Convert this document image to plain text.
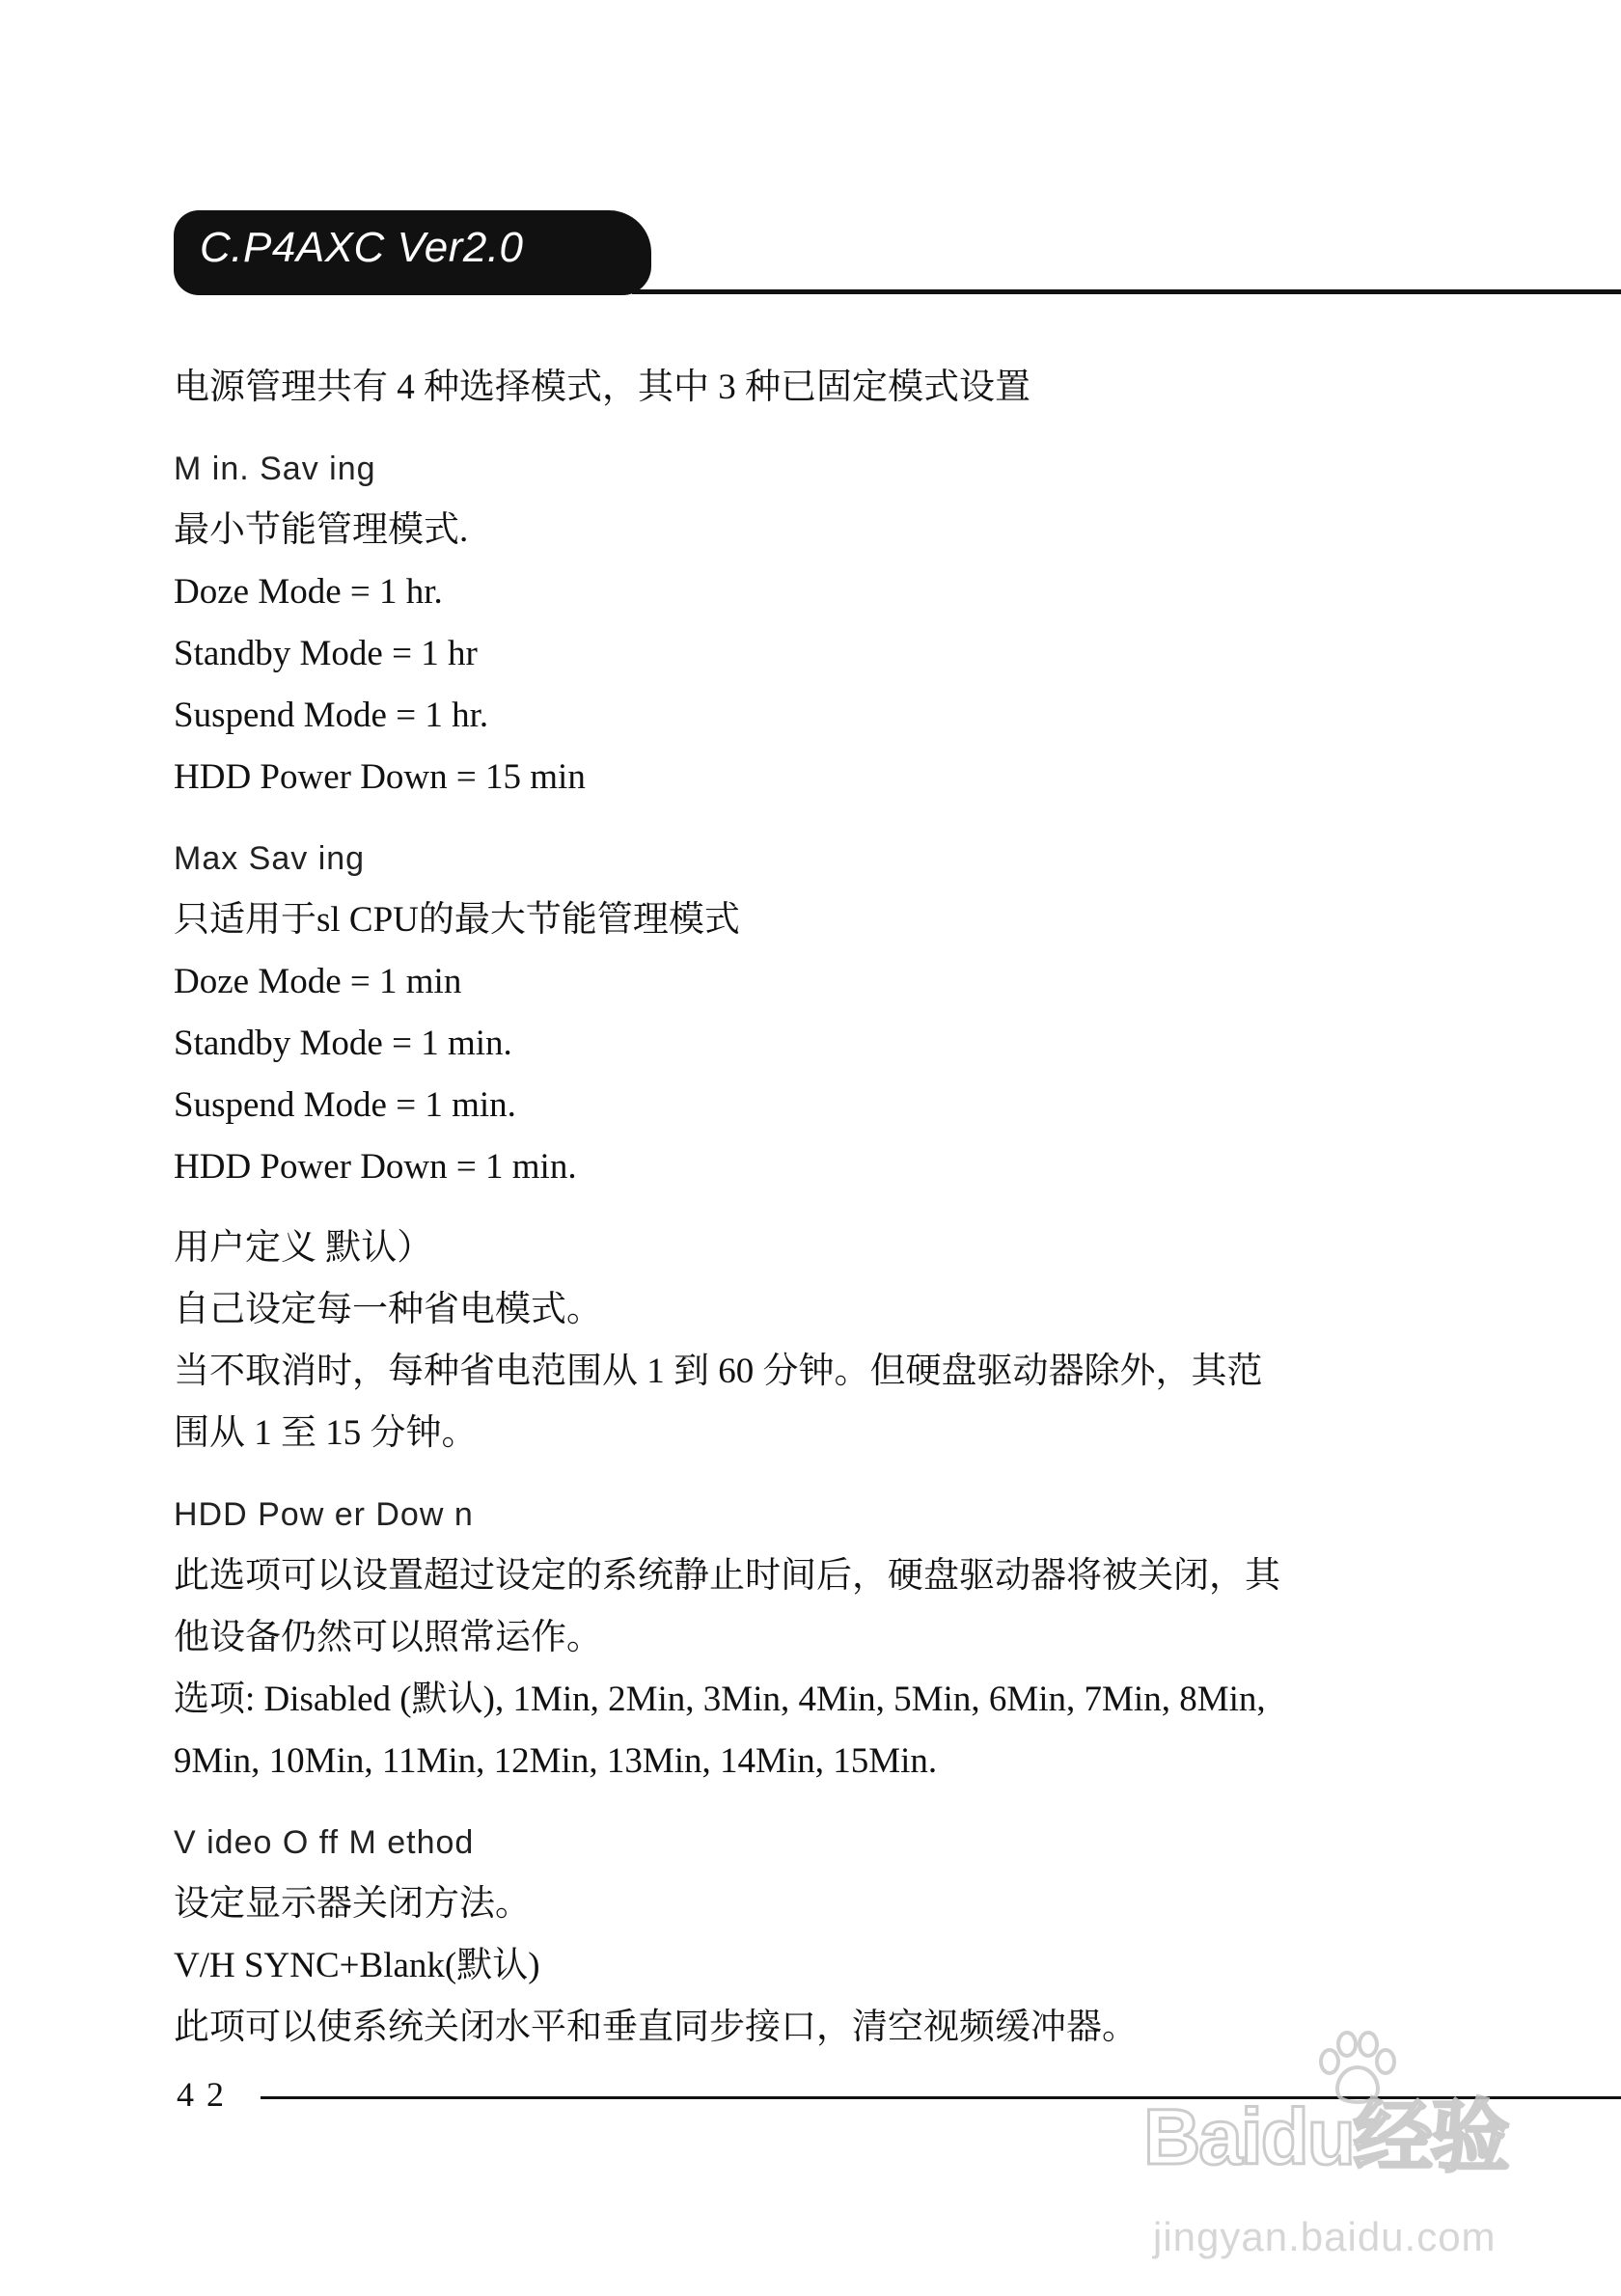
C.P4AXC Ver2.0
电源管理共有 4 种选择模式，其中 3 种已固定模式设置
M in. Sav ing
最小节能管理模式.
Doze Mode = 1 hr.
Standby Mode = 1 hr
Suspend Mode = 1 hr.
HDD Power Down = 15 min
Max Sav ing
只适用于sl CPU的最大节能管理模式
Doze Mode = 1 min
Standby Mode = 1 min.
Suspend Mode = 1 min.
HDD Power Down = 1 min.
用户定义 默认）
自己设定每一种省电模式。
当不取消时，每种省电范围从 1 到 60 分钟。但硬盘驱动器除外，其范
围从 1 至 15 分钟。
HDD Pow er Dow n
此选项可以设置超过设定的系统静止时间后，硬盘驱动器将被关闭，其
他设备仍然可以照常运作。
选项: Disabled (默认), 1Min, 2Min, 3Min, 4Min, 5Min, 6Min, 7Min, 8Min,
9Min, 10Min, 11Min, 12Min, 13Min, 14Min, 15Min.
V ideo O ff M ethod
设定显示器关闭方法。
V/H SYNC+Blank(默认)
此项可以使系统关闭水平和垂直同步接口，清空视频缓冲器。
4 2	Baidu经验
jingyan.baidu.com
